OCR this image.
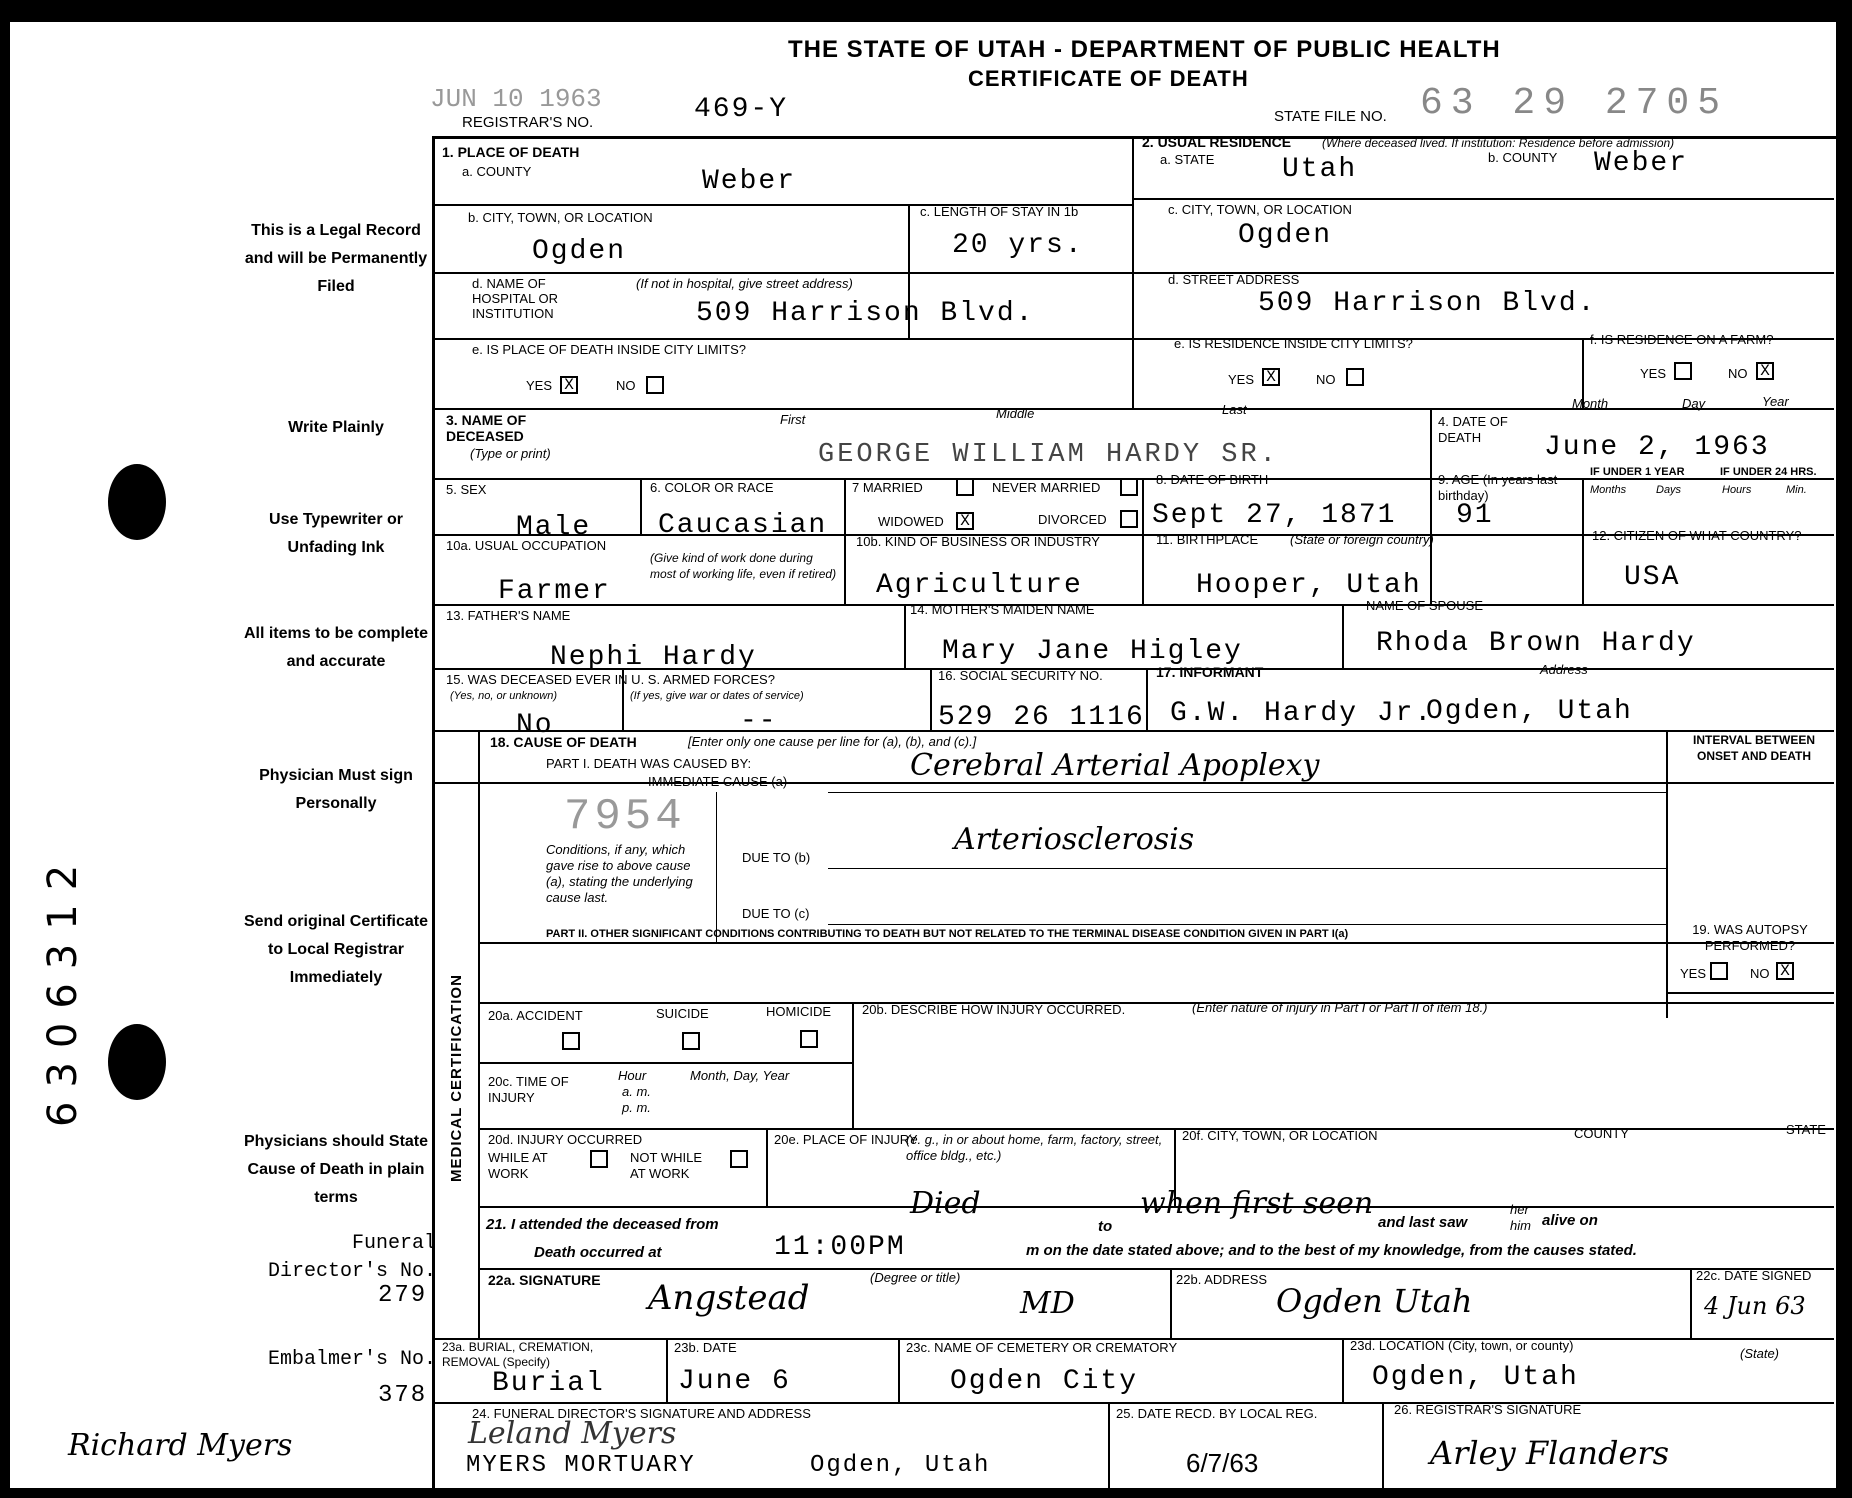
THE STATE OF UTAH - DEPARTMENT OF PUBLIC HEALTH
CERTIFICATE OF DEATH
JUN 10 1963
REGISTRAR'S NO.	469-Y	STATE FILE NO. 63 29 2705
This is a Legal Record and will be Permanently Filed
Write Plainly
Use Typewriter or Unfading Ink
All items to be complete and accurate
Physician Must sign Personally
Send original Certificate to Local Registrar Immediately
Physicians should State Cause of Death in plain terms
Funeral Director's No.
279
Embalmer's No.
378
6306312
Richard Myers
1. PLACE OF DEATH
a. COUNTY	Weber
2. USUAL RESIDENCE	(Where deceased lived. If institution: Residence before admission)
a. STATE Utah	b. COUNTY Weber
b. CITY, TOWN, OR LOCATION
Ogden
c. LENGTH OF STAY IN 1b
20 yrs.
c. CITY, TOWN, OR LOCATION
Ogden
d. NAME OF HOSPITAL OR INSTITUTION
(If not in hospital, give street address)
509 Harrison Blvd.
d. STREET ADDRESS
509 Harrison Blvd.
e. IS PLACE OF DEATH INSIDE CITY LIMITS?
YES X	NO
e. IS RESIDENCE INSIDE CITY LIMITS?
YES X	NO
f. IS RESIDENCE ON A FARM?
YES	NO X
3. NAME OF DECEASED
(Type or print)
First	Middle	Last
GEORGE WILLIAM HARDY SR.
4. DATE OF DEATH
Month	Day	Year
June 2, 1963
5. SEX
Male
6. COLOR OR RACE
Caucasian
7 MARRIED	NEVER MARRIED
WIDOWED X	DIVORCED
8. DATE OF BIRTH
Sept 27, 1871
9. AGE (In years last birthday)
91
IF UNDER 1 YEAR	IF UNDER 24 HRS.
Months	Days	Hours	Min.
10a. USUAL OCCUPATION
(Give kind of work done during most of working life, even if retired)
Farmer
10b. KIND OF BUSINESS OR INDUSTRY
Agriculture
11. BIRTHPLACE (State or foreign country)
Hooper, Utah
12. CITIZEN OF WHAT COUNTRY?
USA
13. FATHER'S NAME
Nephi Hardy
14. MOTHER'S MAIDEN NAME
Mary Jane Higley
NAME OF SPOUSE
Rhoda Brown Hardy
15. WAS DECEASED EVER IN U. S. ARMED FORCES?
(Yes, no, or unknown)	(If yes, give war or dates of service)
No	--
16. SOCIAL SECURITY NO.
529 26 1116
17. INFORMANT	Address
G.W. Hardy Jr.
Ogden, Utah
MEDICAL CERTIFICATION
18. CAUSE OF DEATH	[Enter only one cause per line for (a), (b), and (c).]
PART I. DEATH WAS CAUSED BY:
IMMEDIATE CAUSE (a)	Cerebral Arterial Apoplexy
7954
Conditions, if any, which gave rise to above cause (a), stating the underlying cause last.
DUE TO (b)
Arteriosclerosis
DUE TO (c)
PART II. OTHER SIGNIFICANT CONDITIONS CONTRIBUTING TO DEATH BUT NOT RELATED TO THE TERMINAL DISEASE CONDITION GIVEN IN PART I(a)
INTERVAL BETWEEN ONSET AND DEATH
19. WAS AUTOPSY PERFORMED?
YES	NO X
20a. ACCIDENT	SUICIDE	HOMICIDE 20b. DESCRIBE HOW INJURY OCCURRED.	(Enter nature of injury in Part I or Part II of item 18.)
20c. TIME OF INJURY
Hour
a. m. p. m.
Month, Day, Year
20d. INJURY OCCURRED
WHILE AT WORK
NOT WHILE AT WORK
20e. PLACE OF INJURY
(e. g., in or about home, farm, factory, street, office bldg., etc.)
20f. CITY, TOWN, OR LOCATION	COUNTY	STATE
21. I attended the deceased from
Died
to
when first seen
and last saw
her
him alive on
Death occurred at	11:00PM	m on the date stated above; and to the best of my knowledge, from the causes stated.
22a. SIGNATURE Angstead
(Degree or title)
MD
22b. ADDRESS
Ogden Utah
22c. DATE SIGNED
4 Jun 63
23a. BURIAL, CREMATION, REMOVAL (Specify)
Burial
23b. DATE
June 6
23c. NAME OF CEMETERY OR CREMATORY
Ogden City
23d. LOCATION (City, town, or county)
(State)
Ogden, Utah
24. FUNERAL DIRECTOR'S SIGNATURE AND ADDRESS
Leland Myers
MYERS MORTUARY	Ogden, Utah
25. DATE RECD. BY LOCAL REG.
6/7/63
26. REGISTRAR'S SIGNATURE
Arley Flanders
